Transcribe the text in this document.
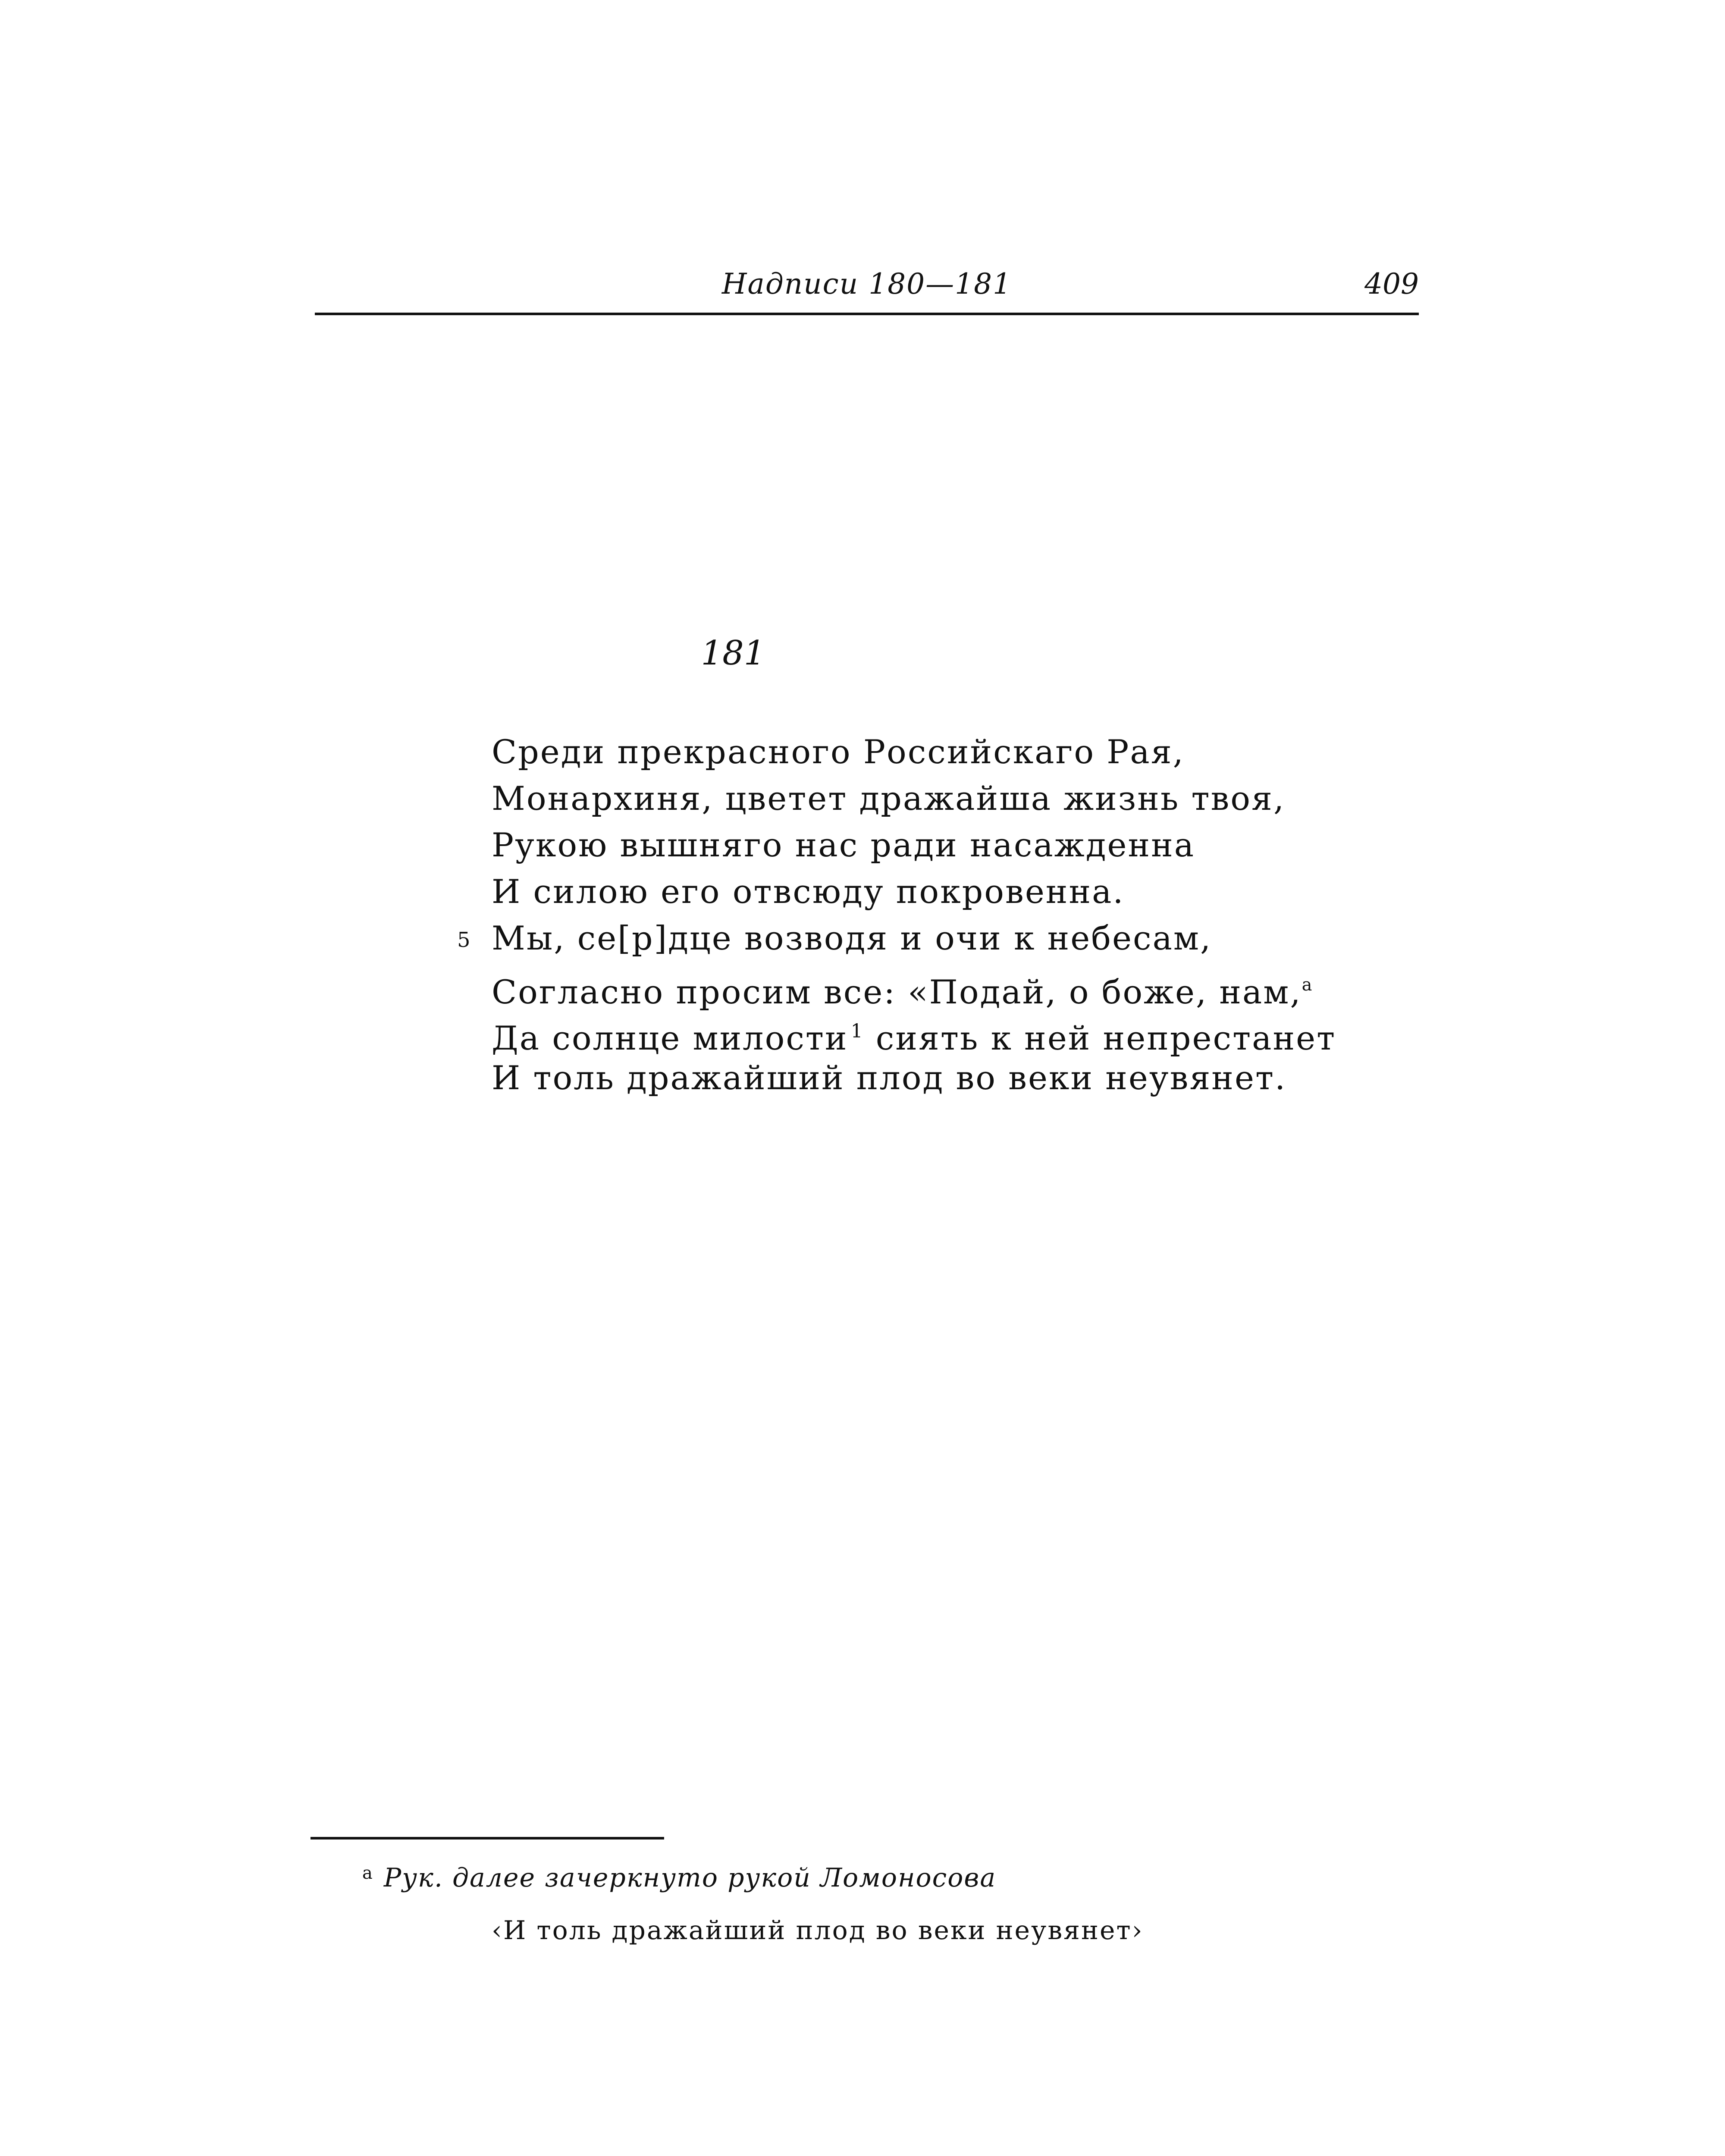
Надписи 180—181	409
181
Среди прекрасного Российскаго Рая,
Монархиня, цветет дражайша жизнь твоя,
Рукою вышняго нас ради насажденна
И силою его отвсюду покровенна.
5 Мы, се[р]дце возводя и очи к небесам,
Согласно просим все: «Подай, о боже, нам,$^а$
Да солнце милости $^1$ сиять к ней непрестанет
И толь дражайший плод во веки неувянет.
$^а$ Рук. далее зачеркнуто рукой Ломоносова
‹И толь дражайший плод во веки неувянет›
